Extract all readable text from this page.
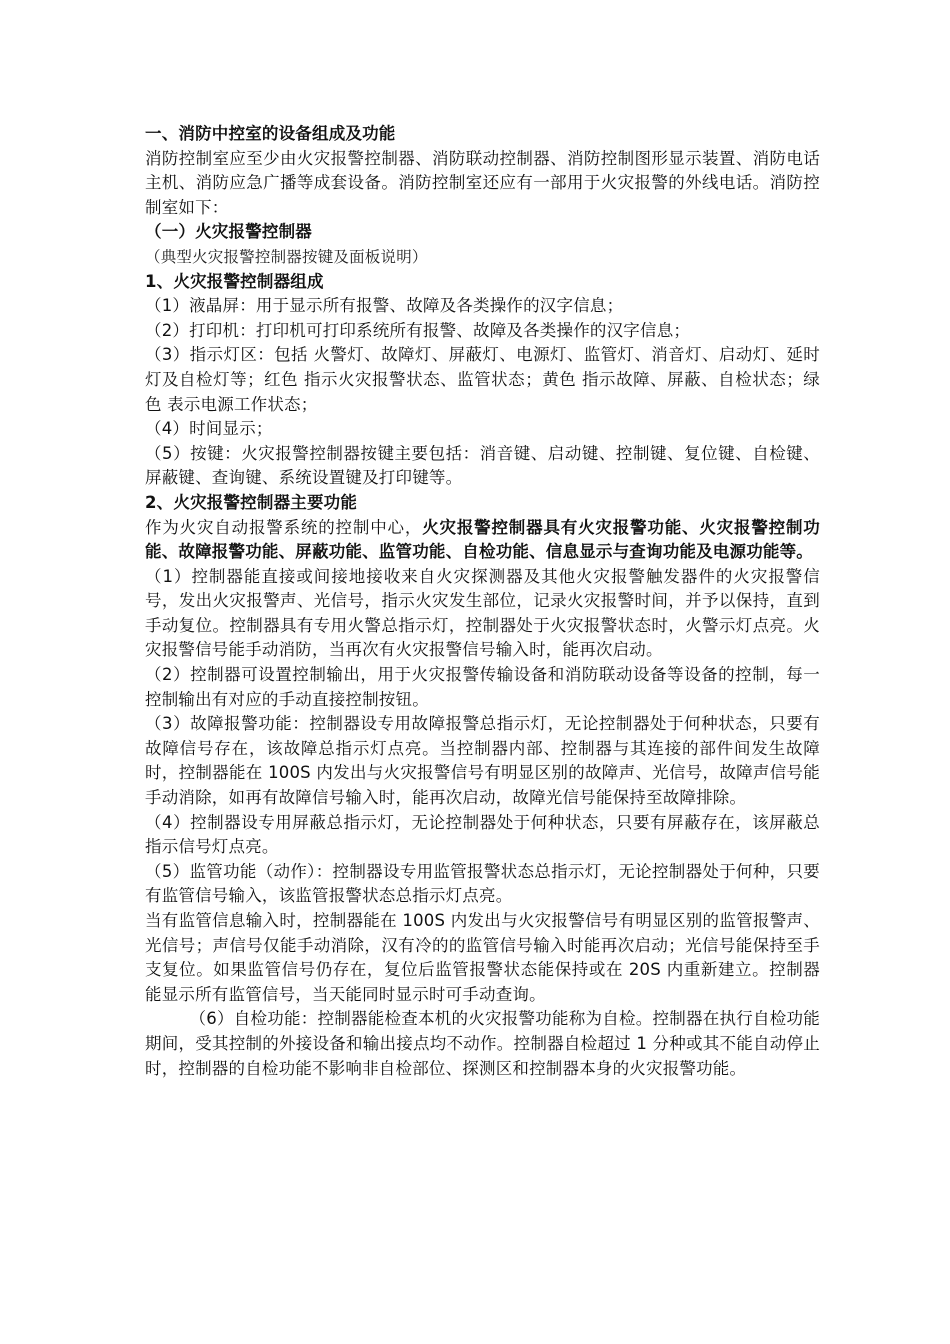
一、消防中控室的设备组成及功能

消防控制室应至少由火灾报警控制器、消防联动控制器、消防控制图形显示装置、消防电话主机、消防应急广播等成套设备。消防控制室还应有一部用于火灾报警的外线电话。消防控制室如下：

（一）火灾报警控制器

（典型火灾报警控制器按键及面板说明）

1、火灾报警控制器组成

（1）液晶屏：用于显示所有报警、故障及各类操作的汉字信息；

（2）打印机：打印机可打印系统所有报警、故障及各类操作的汉字信息；

（3）指示灯区：包括 火警灯、故障灯、屏蔽灯、电源灯、监管灯、消音灯、启动灯、延时灯及自检灯等；红色 指示火灾报警状态、监管状态；黄色 指示故障、屏蔽、自检状态；绿色 表示电源工作状态；

（4）时间显示；

（5）按键：火灾报警控制器按键主要包括：消音键、启动键、控制键、复位键、自检键、屏蔽键、查询键、系统设置键及打印键等。

2、火灾报警控制器主要功能

作为火灾自动报警系统的控制中心，火灾报警控制器具有火灾报警功能、火灾报警控制功能、故障报警功能、屏蔽功能、监管功能、自检功能、信息显示与查询功能及电源功能等。

（1）控制器能直接或间接地接收来自火灾探测器及其他火灾报警触发器件的火灾报警信号，发出火灾报警声、光信号，指示火灾发生部位，记录火灾报警时间，并予以保持，直到手动复位。控制器具有专用火警总指示灯，控制器处于火灾报警状态时，火警示灯点亮。火灾报警信号能手动消防，当再次有火灾报警信号输入时，能再次启动。

（2）控制器可设置控制输出，用于火灾报警传输设备和消防联动设备等设备的控制，每一控制输出有对应的手动直接控制按钮。

（3）故障报警功能：控制器设专用故障报警总指示灯，无论控制器处于何种状态，只要有故障信号存在，该故障总指示灯点亮。当控制器内部、控制器与其连接的部件间发生故障时，控制器能在 100S 内发出与火灾报警信号有明显区别的故障声、光信号，故障声信号能手动消除，如再有故障信号输入时，能再次启动，故障光信号能保持至故障排除。

（4）控制器设专用屏蔽总指示灯，无论控制器处于何种状态，只要有屏蔽存在，该屏蔽总指示信号灯点亮。

（5）监管功能（动作）：控制器设专用监管报警状态总指示灯，无论控制器处于何种，只要有监管信号输入，该监管报警状态总指示灯点亮。

当有监管信息输入时，控制器能在 100S 内发出与火灾报警信号有明显区别的监管报警声、光信号；声信号仅能手动消除，汉有冷的的监管信号输入时能再次启动；光信号能保持至手支复位。如果监管信号仍存在，复位后监管报警状态能保持或在 20S 内重新建立。控制器能显示所有监管信号，当天能同时显示时可手动查询。

（6）自检功能：控制器能检查本机的火灾报警功能称为自检。控制器在执行自检功能期间，受其控制的外接设备和输出接点均不动作。控制器自检超过 1 分种或其不能自动停止时，控制器的自检功能不影响非自检部位、探测区和控制器本身的火灾报警功能。
